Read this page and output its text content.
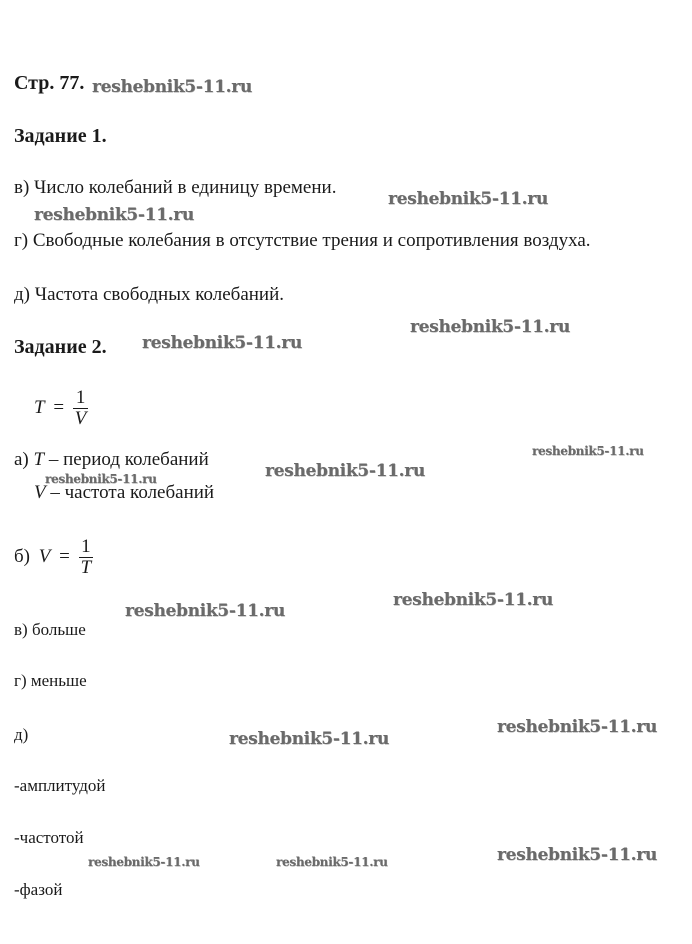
Стр. 77.
Задание 1.
в) Число колебаний в единицу времени.
г) Свободные колебания в отсутствие трения и сопротивления воздуха.
д) Частота свободных колебаний.
Задание 2.
$T = \frac{1}{V}$
а) T – период колебаний
V – частота колебаний
б) $V = \frac{1}{T}$
в) больше
г) меньше
д)
-амплитудой
-частотой
-фазой
reshebnik5-11.ru
reshebnik5-11.ru
reshebnik5-11.ru
reshebnik5-11.ru
reshebnik5-11.ru
reshebnik5-11.ru
reshebnik5-11.ru	reshebnik5-11.ru
reshebnik5-11.ru
reshebnik5-11.ru
reshebnik5-11.ru
reshebnik5-11.ru
reshebnik5-11.ru
reshebnik5-11.ru	reshebnik5-11.ru
